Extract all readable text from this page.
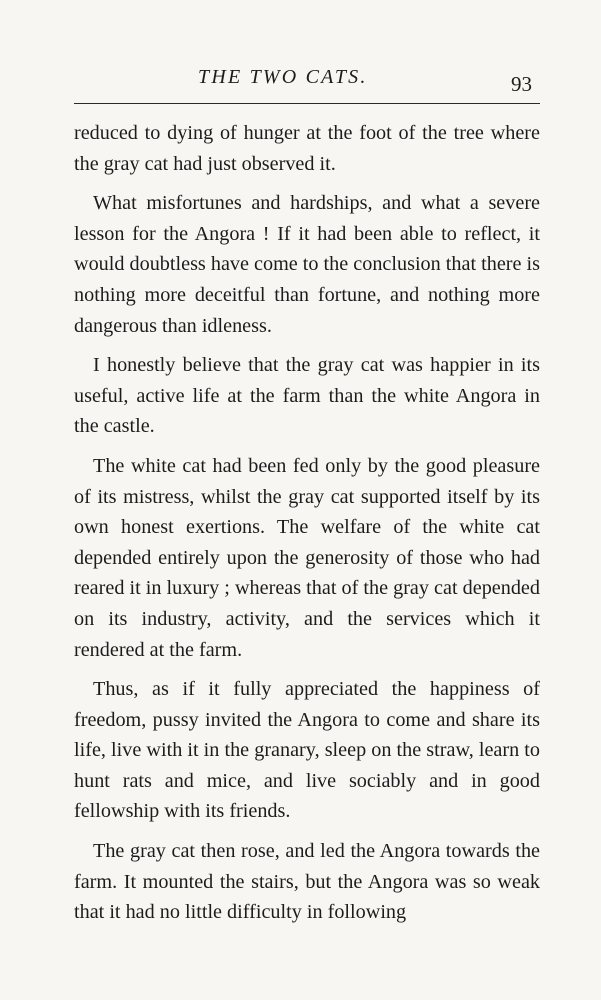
THE TWO CATS.	93

reduced to dying of hunger at the foot of the tree where the gray cat had just observed it.

What misfortunes and hardships, and what a severe lesson for the Angora ! If it had been able to reflect, it would doubtless have come to the conclusion that there is nothing more deceitful than fortune, and nothing more dangerous than idleness.

I honestly believe that the gray cat was happier in its useful, active life at the farm than the white Angora in the castle.

The white cat had been fed only by the good pleasure of its mistress, whilst the gray cat supported itself by its own honest exertions. The welfare of the white cat depended entirely upon the generosity of those who had reared it in luxury ; whereas that of the gray cat depended on its industry, activity, and the services which it rendered at the farm.

Thus, as if it fully appreciated the happiness of freedom, pussy invited the Angora to come and share its life, live with it in the granary, sleep on the straw, learn to hunt rats and mice, and live sociably and in good fellowship with its friends.

The gray cat then rose, and led the Angora towards the farm. It mounted the stairs, but the Angora was so weak that it had no little difficulty in following
